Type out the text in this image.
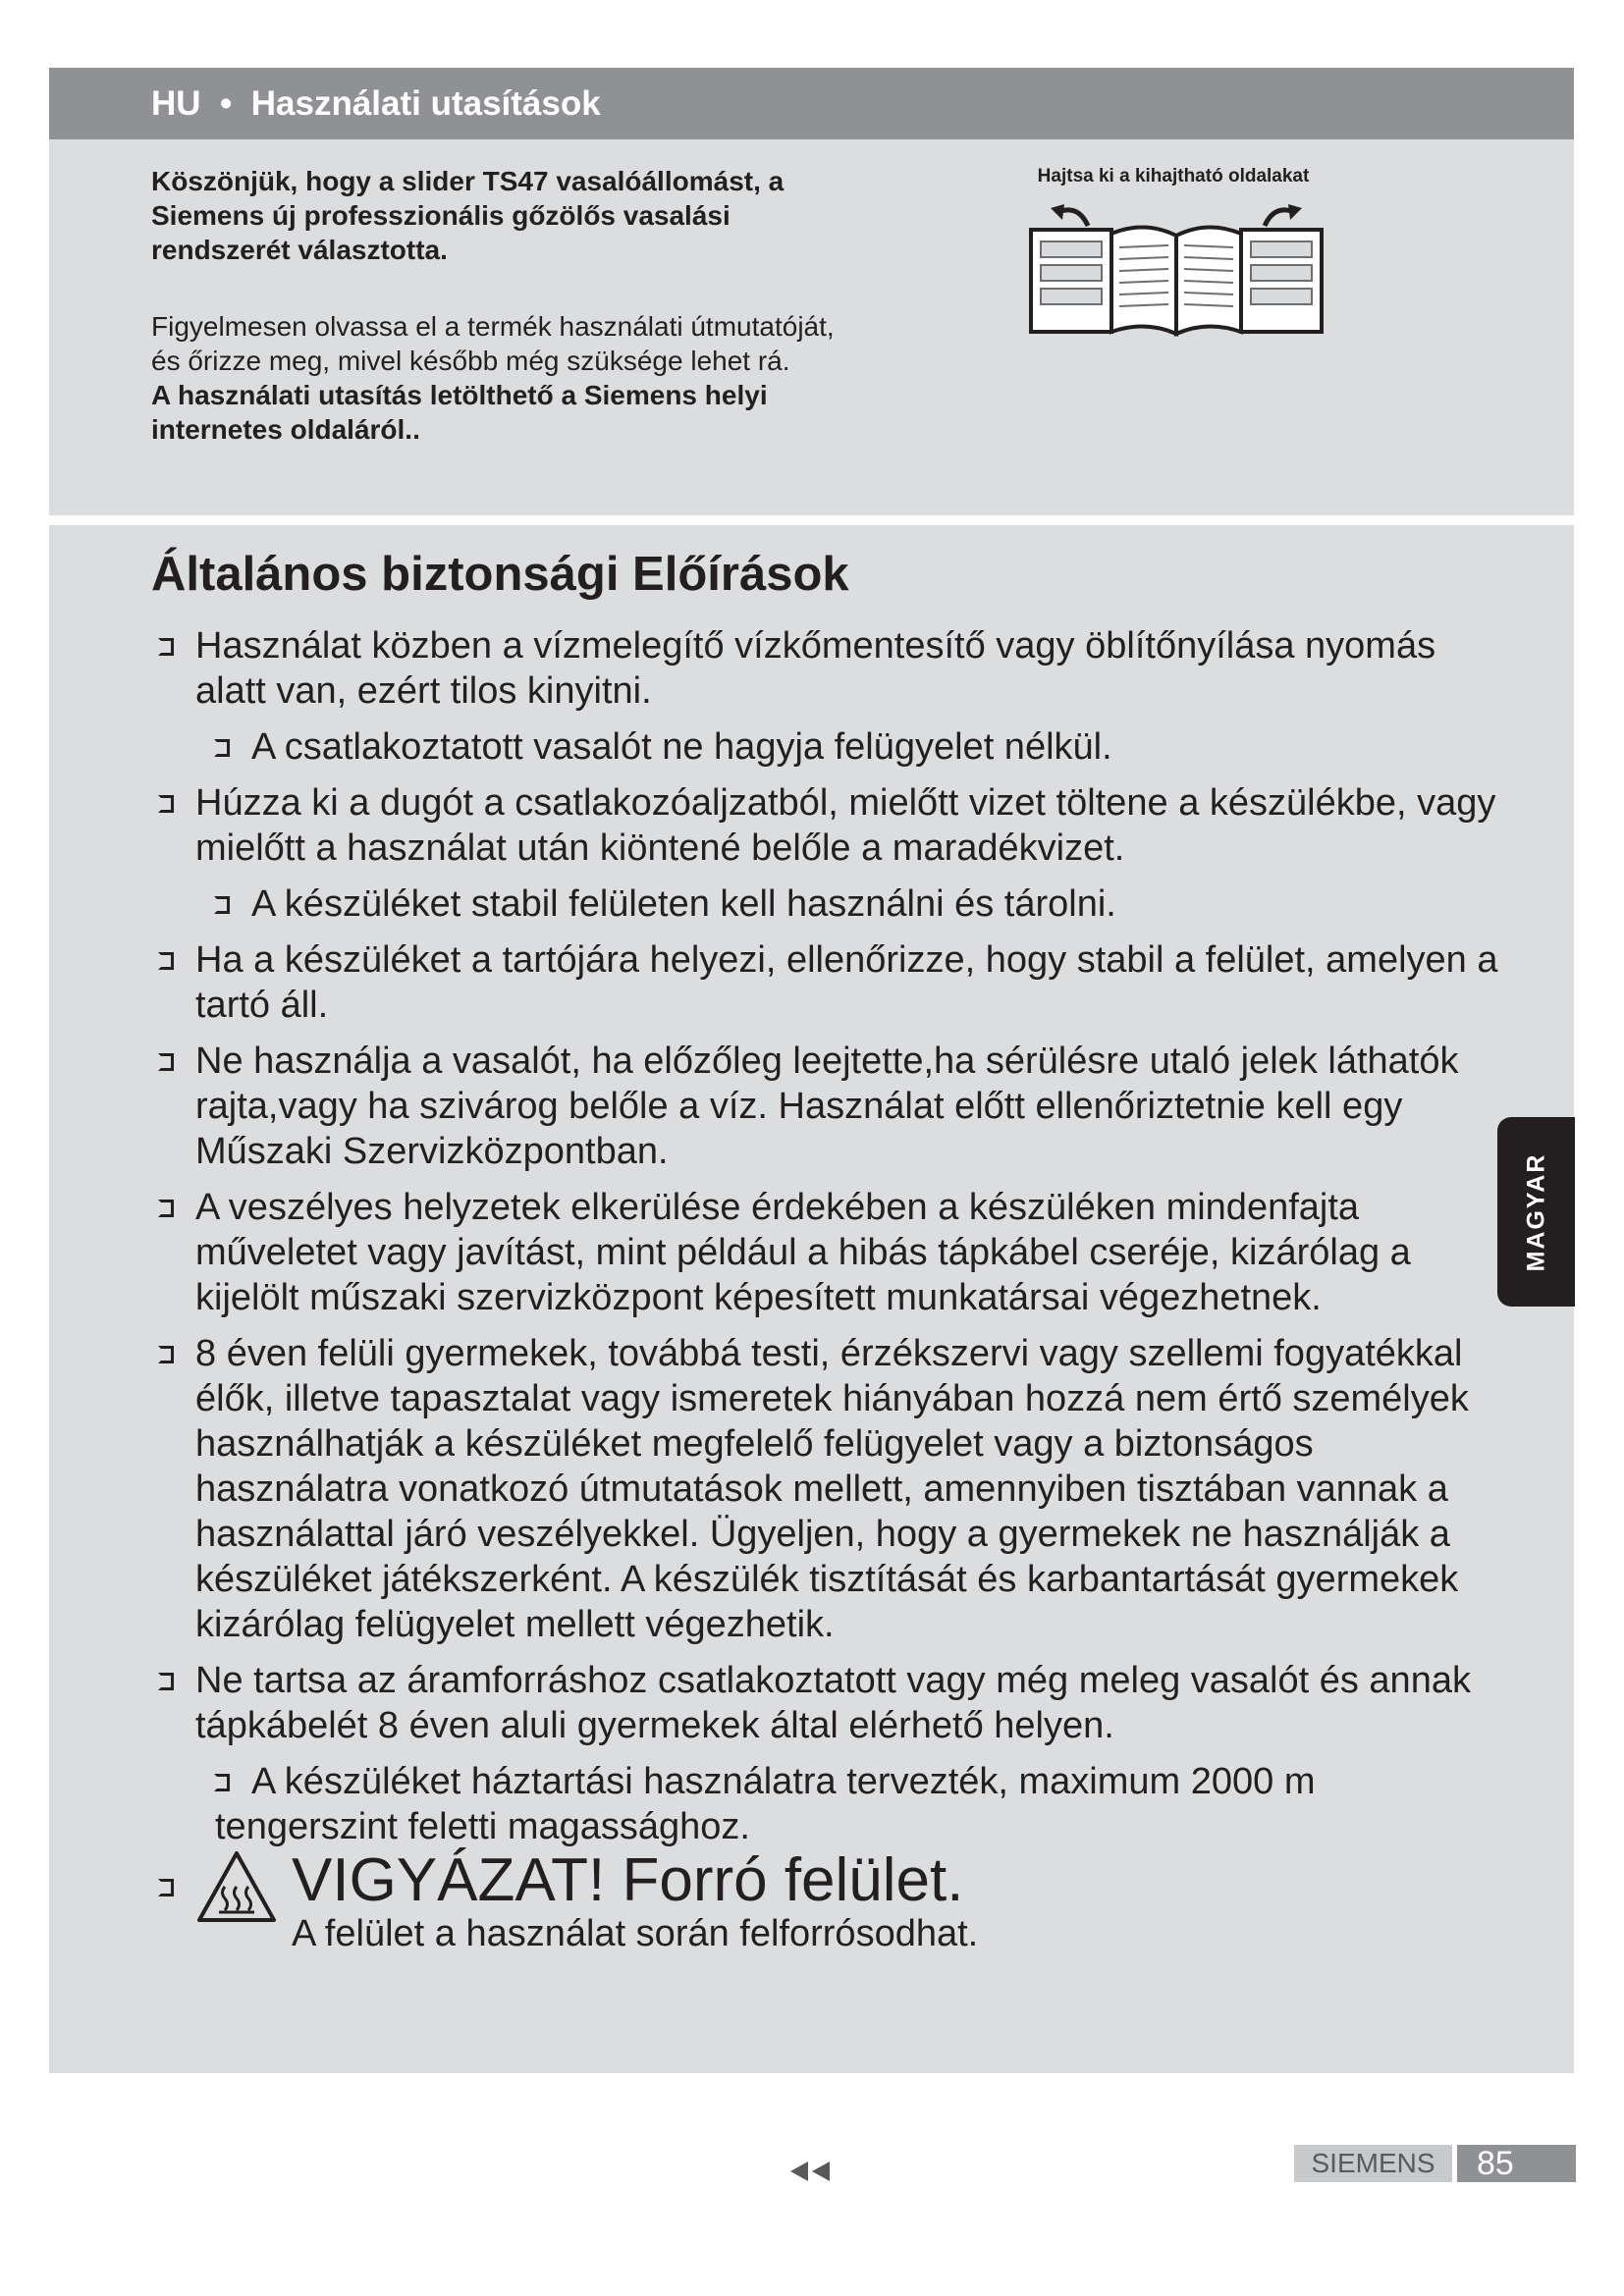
HU • Használati utasítások
Köszönjük, hogy a slider TS47 vasalóállomást, a Siemens új professzionális gőzölős vasalási rendszerét választotta.
Figyelmesen olvassa el a termék használati útmutatóját, és őrizze meg, mivel később még szüksége lehet rá.
A használati utasítás letölthető a Siemens helyi internetes oldaláról..
Hajtsa ki a kihajtható oldalakat
Általános biztonsági Előírások
Használat közben a vízmelegítő vízkőmentesítő vagy öblítőnyílása nyomás alatt van, ezért tilos kinyitni.
A csatlakoztatott vasalót ne hagyja felügyelet nélkül.
Húzza ki a dugót a csatlakozóaljzatból, mielőtt vizet töltene a készülékbe, vagy mielőtt a használat után kiöntené belőle a maradékvizet.
A készüléket stabil felületen kell használni és tárolni.
Ha a készüléket a tartójára helyezi, ellenőrizze, hogy stabil a felület, amelyen a tartó áll.
Ne használja a vasalót, ha előzőleg leejtette,ha sérülésre utaló jelek láthatók rajta,vagy ha szivárog belőle a víz. Használat előtt ellenőriztetnie kell egy Műszaki Szervizközpontban.
A veszélyes helyzetek elkerülése érdekében a készüléken mindenfajta műveletet vagy javítást, mint például a hibás tápkábel cseréje, kizárólag a kijelölt műszaki szervizközpont képesített munkatársai végezhetnek.
8 éven felüli gyermekek, továbbá testi, érzékszervi vagy szellemi fogyatékkal élők, illetve tapasztalat vagy ismeretek hiányában hozzá nem értő személyek használhatják a készüléket megfelelő felügyelet vagy a biztonságos használatra vonatkozó útmutatások mellett, amennyiben tisztában vannak a használattal járó veszélyekkel. Ügyeljen, hogy a gyermekek ne használják a készüléket játékszerként. A készülék tisztítását és karbantartását gyermekek kizárólag felügyelet mellett végezhetik.
Ne tartsa az áramforráshoz csatlakoztatott vagy még meleg vasalót és annak tápkábelét 8 éven aluli gyermekek által elérhető helyen.
A készüléket háztartási használatra tervezték, maximum 2000 m
tengerszint feletti magassághoz.
VIGYÁZAT! Forró felület.
A felület a használat során felforrósodhat.
MAGYAR
SIEMENS	85
